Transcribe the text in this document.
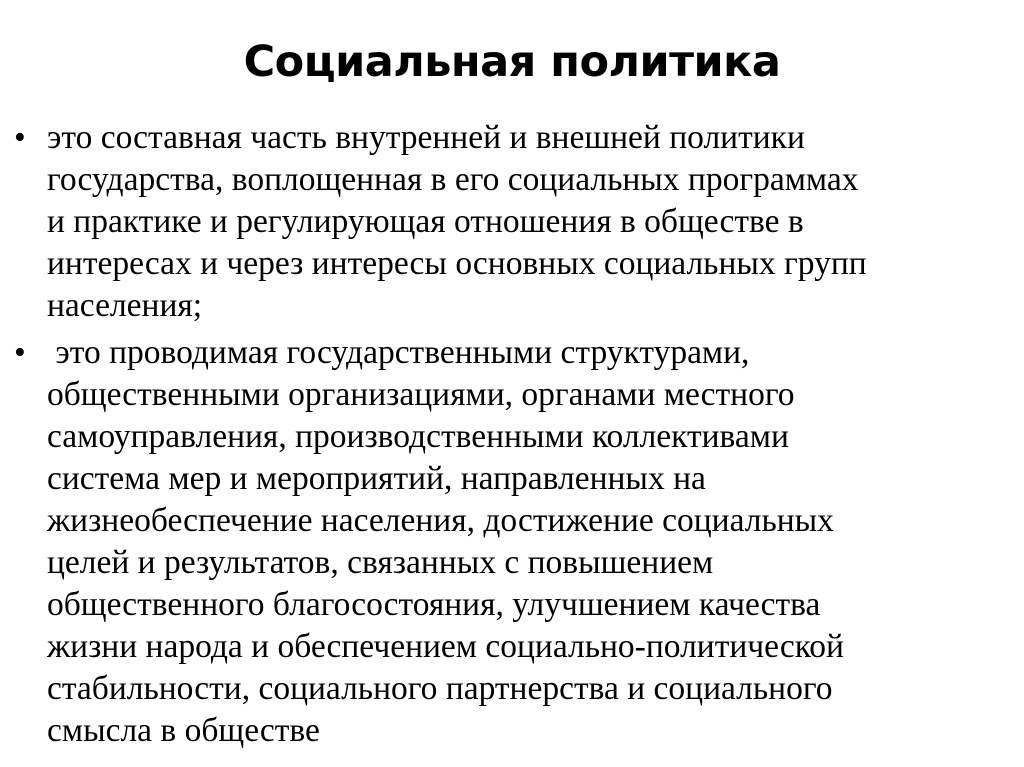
Социальная политика
• это составная часть внутренней и внешней политики
государства, воплощенная в его социальных программах
и практике и регулирующая отношения в обществе в
интересах и через интересы основных социальных групп
населения;
• это проводимая государственными структурами,
общественными организациями, органами местного
самоуправления, производственными коллективами
система мер и мероприятий, направленных на
жизнеобеспечение населения, достижение социальных
целей и результатов, связанных с повышением
общественного благосостояния, улучшением качества
жизни народа и обеспечением социально-политической
стабильности, социального партнерства и социального
смысла в обществе
